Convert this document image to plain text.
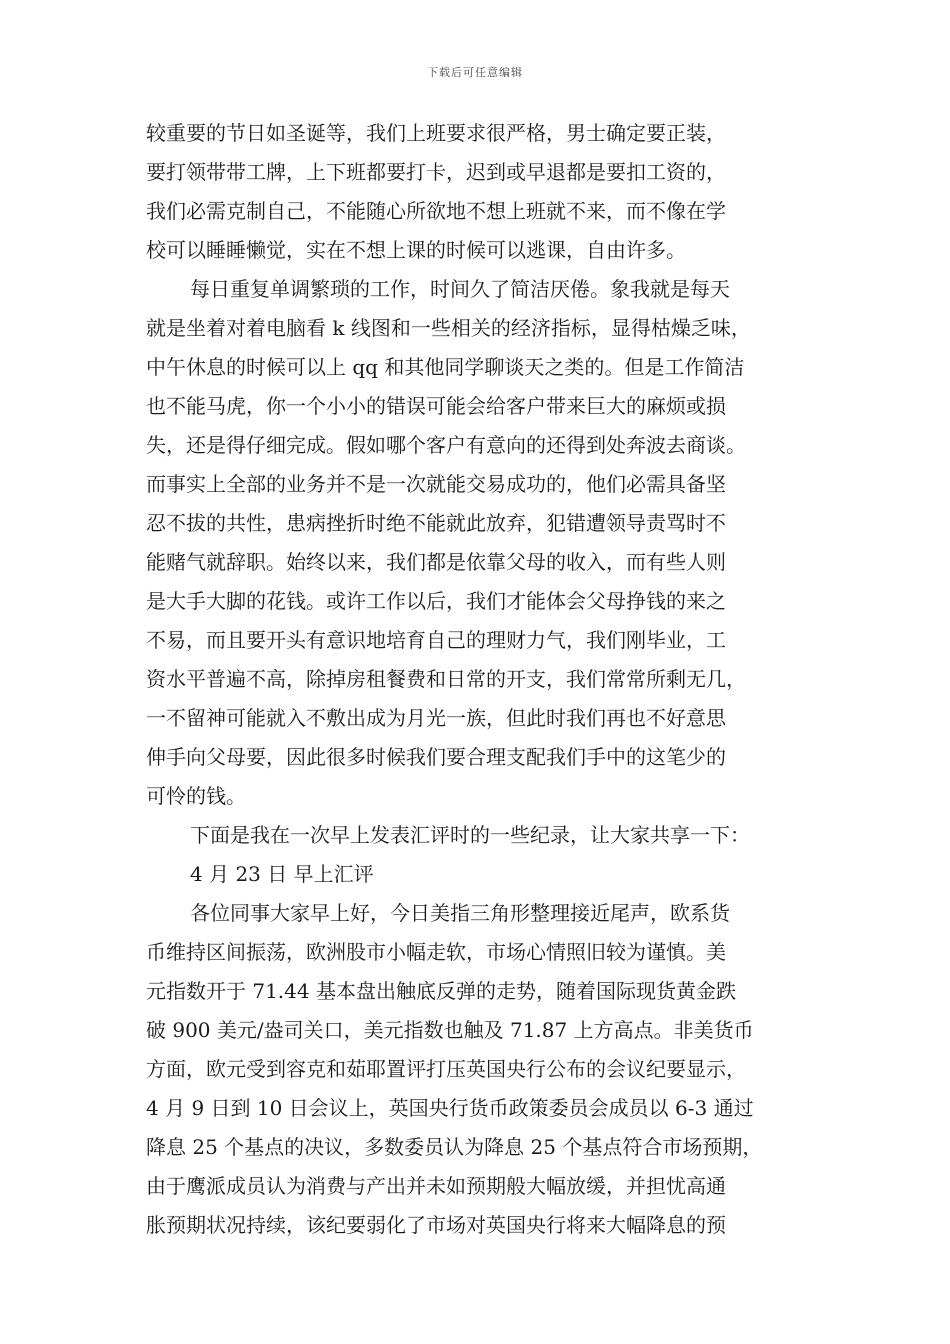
下载后可任意编辑
较重要的节日如圣诞等，我们上班要求很严格，男士确定要正装，
要打领带带工牌，上下班都要打卡，迟到或早退都是要扣工资的，
我们必需克制自己，不能随心所欲地不想上班就不来，而不像在学
校可以睡睡懒觉，实在不想上课的时候可以逃课，自由许多。
每日重复单调繁琐的工作，时间久了简洁厌倦。象我就是每天
就是坐着对着电脑看 k 线图和一些相关的经济指标，显得枯燥乏味，
中午休息的时候可以上 qq 和其他同学聊谈天之类的。但是工作简洁
也不能马虎，你一个小小的错误可能会给客户带来巨大的麻烦或损
失，还是得仔细完成。假如哪个客户有意向的还得到处奔波去商谈。
而事实上全部的业务并不是一次就能交易成功的，他们必需具备坚
忍不拔的共性，患病挫折时绝不能就此放弃，犯错遭领导责骂时不
能赌气就辞职。始终以来，我们都是依靠父母的收入，而有些人则
是大手大脚的花钱。或许工作以后，我们才能体会父母挣钱的来之
不易，而且要开头有意识地培育自己的理财力气，我们刚毕业，工
资水平普遍不高，除掉房租餐费和日常的开支，我们常常所剩无几，
一不留神可能就入不敷出成为月光一族，但此时我们再也不好意思
伸手向父母要，因此很多时候我们要合理支配我们手中的这笔少的
可怜的钱。
下面是我在一次早上发表汇评时的一些纪录，让大家共享一下：
4 月 23 日 早上汇评
各位同事大家早上好，今日美指三角形整理接近尾声，欧系货
币维持区间振荡，欧洲股市小幅走软，市场心情照旧较为谨慎。美
元指数开于 71.44 基本盘出触底反弹的走势，随着国际现货黄金跌
破 900 美元/盎司关口，美元指数也触及 71.87 上方高点。非美货币
方面，欧元受到容克和茹耶置评打压英国央行公布的会议纪要显示，
4 月 9 日到 10 日会议上，英国央行货币政策委员会成员以 6-3 通过
降息 25 个基点的决议，多数委员认为降息 25 个基点符合市场预期，
由于鹰派成员认为消费与产出并未如预期般大幅放缓，并担忧高通
胀预期状况持续，该纪要弱化了市场对英国央行将来大幅降息的预
